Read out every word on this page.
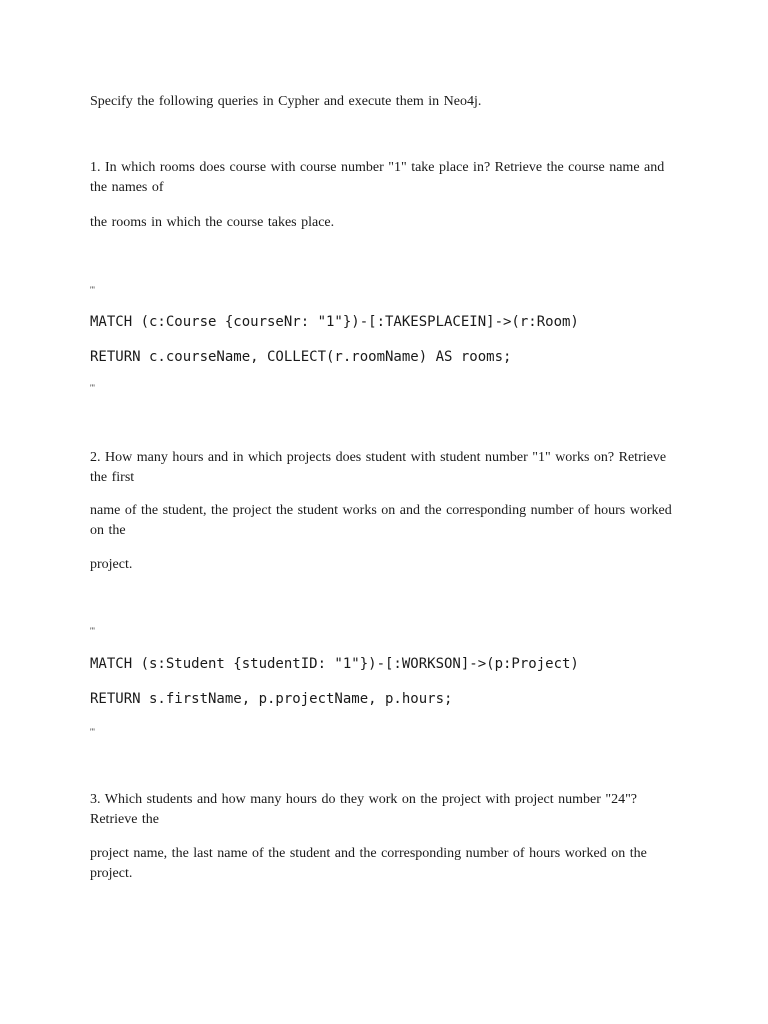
Specify the following queries in Cypher and execute them in Neo4j.

1. In which rooms does course with course number "1" take place in? Retrieve the course name and the names of

the rooms in which the course takes place.

'''

MATCH (c:Course {courseNr: "1"})-[:TAKESPLACEIN]->(r:Room)

RETURN c.courseName, COLLECT(r.roomName) AS rooms;

'''

2. How many hours and in which projects does student with student number "1" works on? Retrieve the first

name of the student, the project the student works on and the corresponding number of hours worked on the

project.

'''

MATCH (s:Student {studentID: "1"})-[:WORKSON]->(p:Project)

RETURN s.firstName, p.projectName, p.hours;

'''

3. Which students and how many hours do they work on the project with project number "24"? Retrieve the

project name, the last name of the student and the corresponding number of hours worked on the project.
